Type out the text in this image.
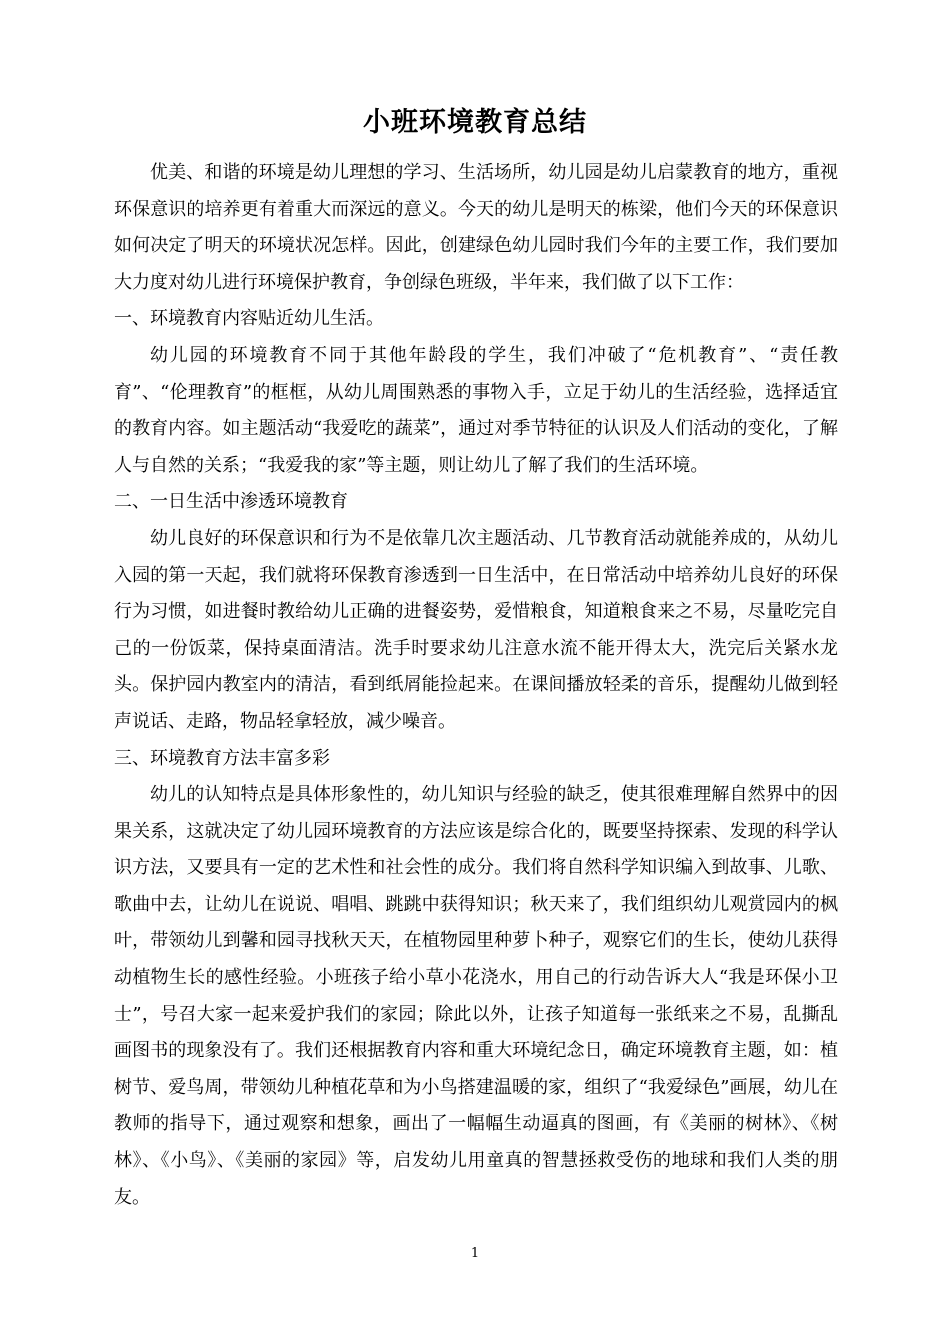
小班环境教育总结

优美、和谐的环境是幼儿理想的学习、生活场所，幼儿园是幼儿启蒙教育的地方，重视环保意识的培养更有着重大而深远的意义。今天的幼儿是明天的栋梁，他们今天的环保意识如何决定了明天的环境状况怎样。因此，创建绿色幼儿园时我们今年的主要工作，我们要加大力度对幼儿进行环境保护教育，争创绿色班级，半年来，我们做了以下工作：

一、环境教育内容贴近幼儿生活。

幼儿园的环境教育不同于其他年龄段的学生，我们冲破了“危机教育”、“责任教育”、“伦理教育”的框框，从幼儿周围熟悉的事物入手，立足于幼儿的生活经验，选择适宜的教育内容。如主题活动“我爱吃的蔬菜”，通过对季节特征的认识及人们活动的变化，了解人与自然的关系；“我爱我的家”等主题，则让幼儿了解了我们的生活环境。

二、一日生活中渗透环境教育

幼儿良好的环保意识和行为不是依靠几次主题活动、几节教育活动就能养成的，从幼儿入园的第一天起，我们就将环保教育渗透到一日生活中，在日常活动中培养幼儿良好的环保行为习惯，如进餐时教给幼儿正确的进餐姿势，爱惜粮食，知道粮食来之不易，尽量吃完自己的一份饭菜，保持桌面清洁。洗手时要求幼儿注意水流不能开得太大，洗完后关紧水龙头。保护园内教室内的清洁，看到纸屑能捡起来。在课间播放轻柔的音乐，提醒幼儿做到轻声说话、走路，物品轻拿轻放，减少噪音。

三、环境教育方法丰富多彩

幼儿的认知特点是具体形象性的，幼儿知识与经验的缺乏，使其很难理解自然界中的因果关系，这就决定了幼儿园环境教育的方法应该是综合化的，既要坚持探索、发现的科学认识方法，又要具有一定的艺术性和社会性的成分。我们将自然科学知识编入到故事、儿歌、歌曲中去，让幼儿在说说、唱唱、跳跳中获得知识；秋天来了，我们组织幼儿观赏园内的枫叶，带领幼儿到馨和园寻找秋天天，在植物园里种萝卜种子，观察它们的生长，使幼儿获得动植物生长的感性经验。小班孩子给小草小花浇水，用自己的行动告诉大人“我是环保小卫士”，号召大家一起来爱护我们的家园；除此以外，让孩子知道每一张纸来之不易，乱撕乱画图书的现象没有了。我们还根据教育内容和重大环境纪念日，确定环境教育主题，如：植树节、爱鸟周，带领幼儿种植花草和为小鸟搭建温暖的家，组织了“我爱绿色”画展，幼儿在教师的指导下，通过观察和想象，画出了一幅幅生动逼真的图画，有《美丽的树林》、《树林》、《小鸟》、《美丽的家园》等，启发幼儿用童真的智慧拯救受伤的地球和我们人类的朋友。

1
